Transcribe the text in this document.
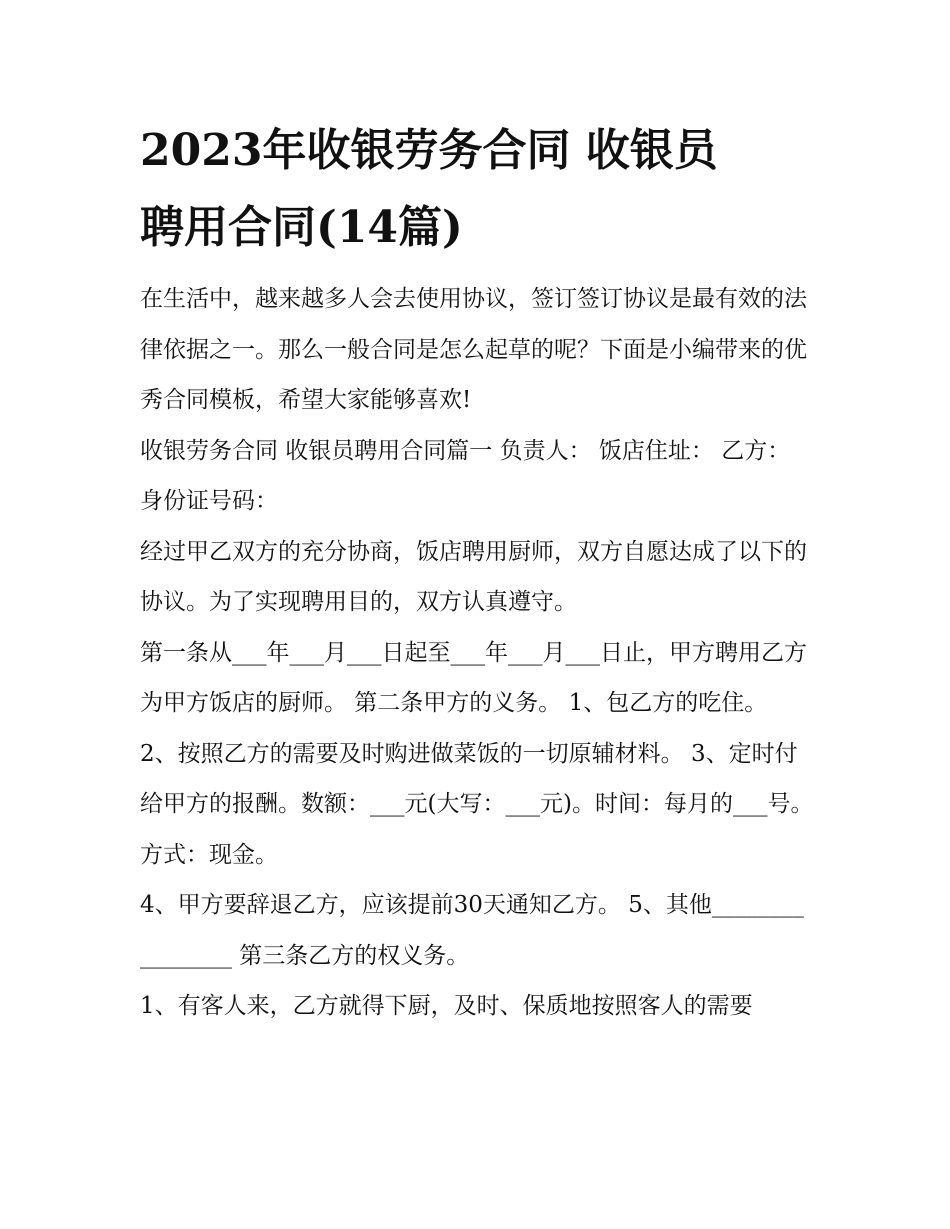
2023年收银劳务合同 收银员
聘用合同(14篇)

在生活中，越来越多人会去使用协议，签订签订协议是最有效的法律依据之一。那么一般合同是怎么起草的呢？下面是小编带来的优秀合同模板，希望大家能够喜欢!

收银劳务合同 收银员聘用合同篇一 负责人： 饭店住址： 乙方： 身份证号码：

经过甲乙双方的充分协商，饭店聘用厨师，双方自愿达成了以下的协议。为了实现聘用目的，双方认真遵守。

第一条从___年___月___日起至___年___月___日止，甲方聘用乙方为甲方饭店的厨师。 第二条甲方的义务。 1、包乙方的吃住。

2、按照乙方的需要及时购进做菜饭的一切原辅材料。 3、定时付给甲方的报酬。数额：___元(大写：___元)。时间：每月的___号。方式：现金。

4、甲方要辞退乙方，应该提前30天通知乙方。 5、其他________________ 第三条乙方的权义务。

1、有客人来，乙方就得下厨，及时、保质地按照客人的需要
